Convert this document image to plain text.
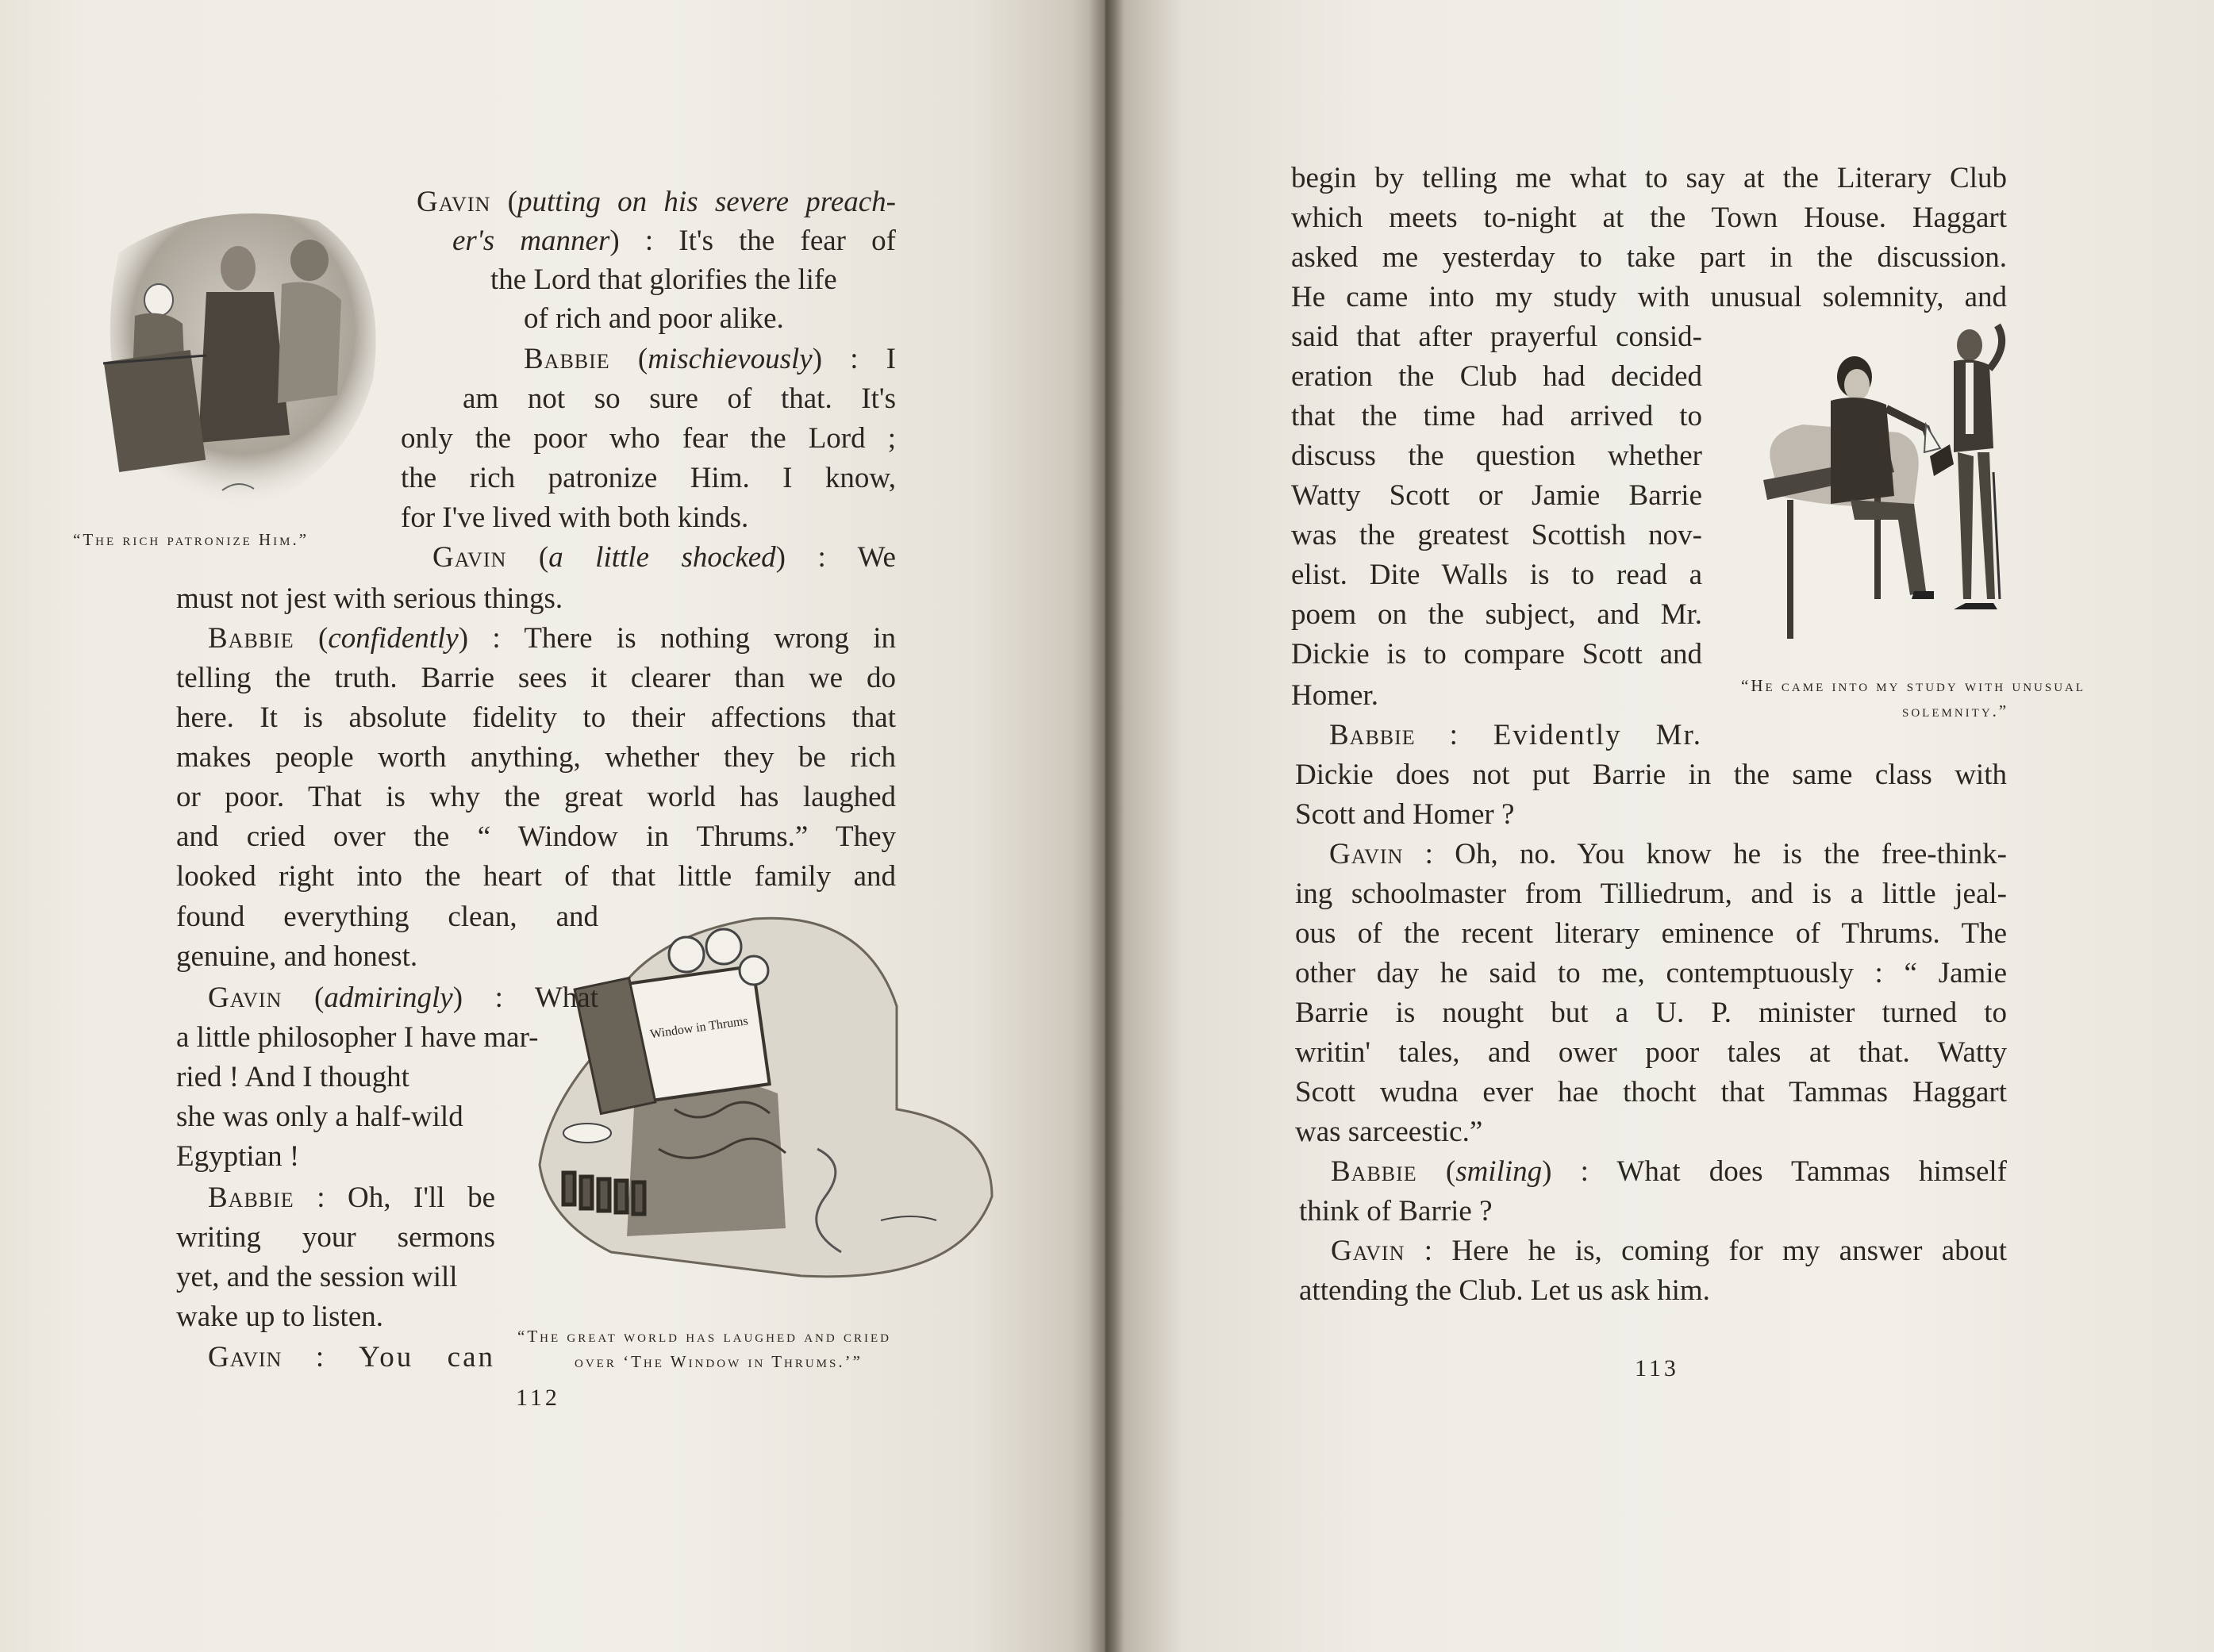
“The rich patronize Him.”

Window in Thrums

“The great world has laughed and cried

over ‘The Window in Thrums.’”

Gavin (putting on his severe preach-

er's manner) : It's the fear of

the Lord that glorifies the life

of rich and poor alike.

Babbie (mischievously) : I

am not so sure of that. It's

only the poor who fear the Lord ;

the rich patronize Him. I know,

for I've lived with both kinds.

Gavin (a little shocked) : We

must not jest with serious things.

Babbie (confidently) : There is nothing wrong in

telling the truth. Barrie sees it clearer than we do

here. It is absolute fidelity to their affections that

makes people worth anything, whether they be rich

or poor. That is why the great world has laughed

and cried over the “ Window in Thrums.” They

looked right into the heart of that little family and

found everything clean, and

genuine, and honest.

Gavin (admiringly) : What

a little philosopher I have mar-

ried ! And I thought

she was only a half-wild

Egyptian !

Babbie : Oh, I'll be

writing your sermons

yet, and the session will

wake up to listen.

Gavin : You can

112

“He came into my study with unusual

solemnity.”

begin by telling me what to say at the Literary Club

which meets to-night at the Town House. Haggart

asked me yesterday to take part in the discussion.

He came into my study with unusual solemnity, and

said that after prayerful consid-

eration the Club had decided

that the time had arrived to

discuss the question whether

Watty Scott or Jamie Barrie

was the greatest Scottish nov-

elist. Dite Walls is to read a

poem on the subject, and Mr.

Dickie is to compare Scott and

Homer.

Babbie : Evidently Mr.

Dickie does not put Barrie in the same class with

Scott and Homer ?

Gavin : Oh, no. You know he is the free-think-

ing schoolmaster from Tilliedrum, and is a little jeal-

ous of the recent literary eminence of Thrums. The

other day he said to me, contemptuously : “ Jamie

Barrie is nought but a U. P. minister turned to

writin' tales, and ower poor tales at that. Watty

Scott wudna ever hae thocht that Tammas Haggart

was sarceestic.”

Babbie (smiling) : What does Tammas himself

think of Barrie ?

Gavin : Here he is, coming for my answer about

attending the Club. Let us ask him.

113
